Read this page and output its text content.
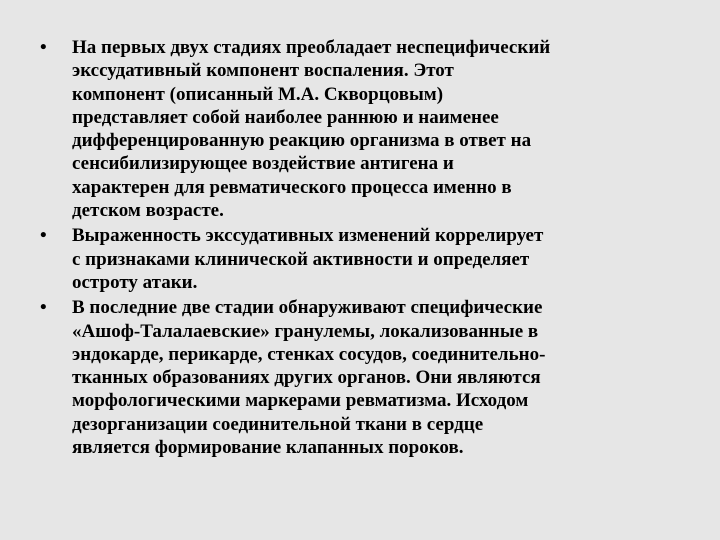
•	На первых двух стадиях преобладает неспецифический
экссудативный компонент воспаления. Этот
компонент (описанный М.А. Скворцовым)
представляет собой наиболее раннюю и наименее
дифференцированную реакцию организма в ответ на
сенсибилизирующее воздействие антигена и
характерен для ревматического процесса именно в
детском возрасте.
•	Выраженность экссудативных изменений коррелирует
с признаками клинической активности и определяет
остроту атаки.
•	В последние две стадии обнаруживают специфические
«Ашоф-Талалаевские» гранулемы, локализованные в
эндокарде, перикарде, стенках сосудов, соединительно-
тканных образованиях других органов. Они являются
морфологическими маркерами ревматизма. Исходом
дезорганизации соединительной ткани в сердце
является формирование клапанных пороков.
